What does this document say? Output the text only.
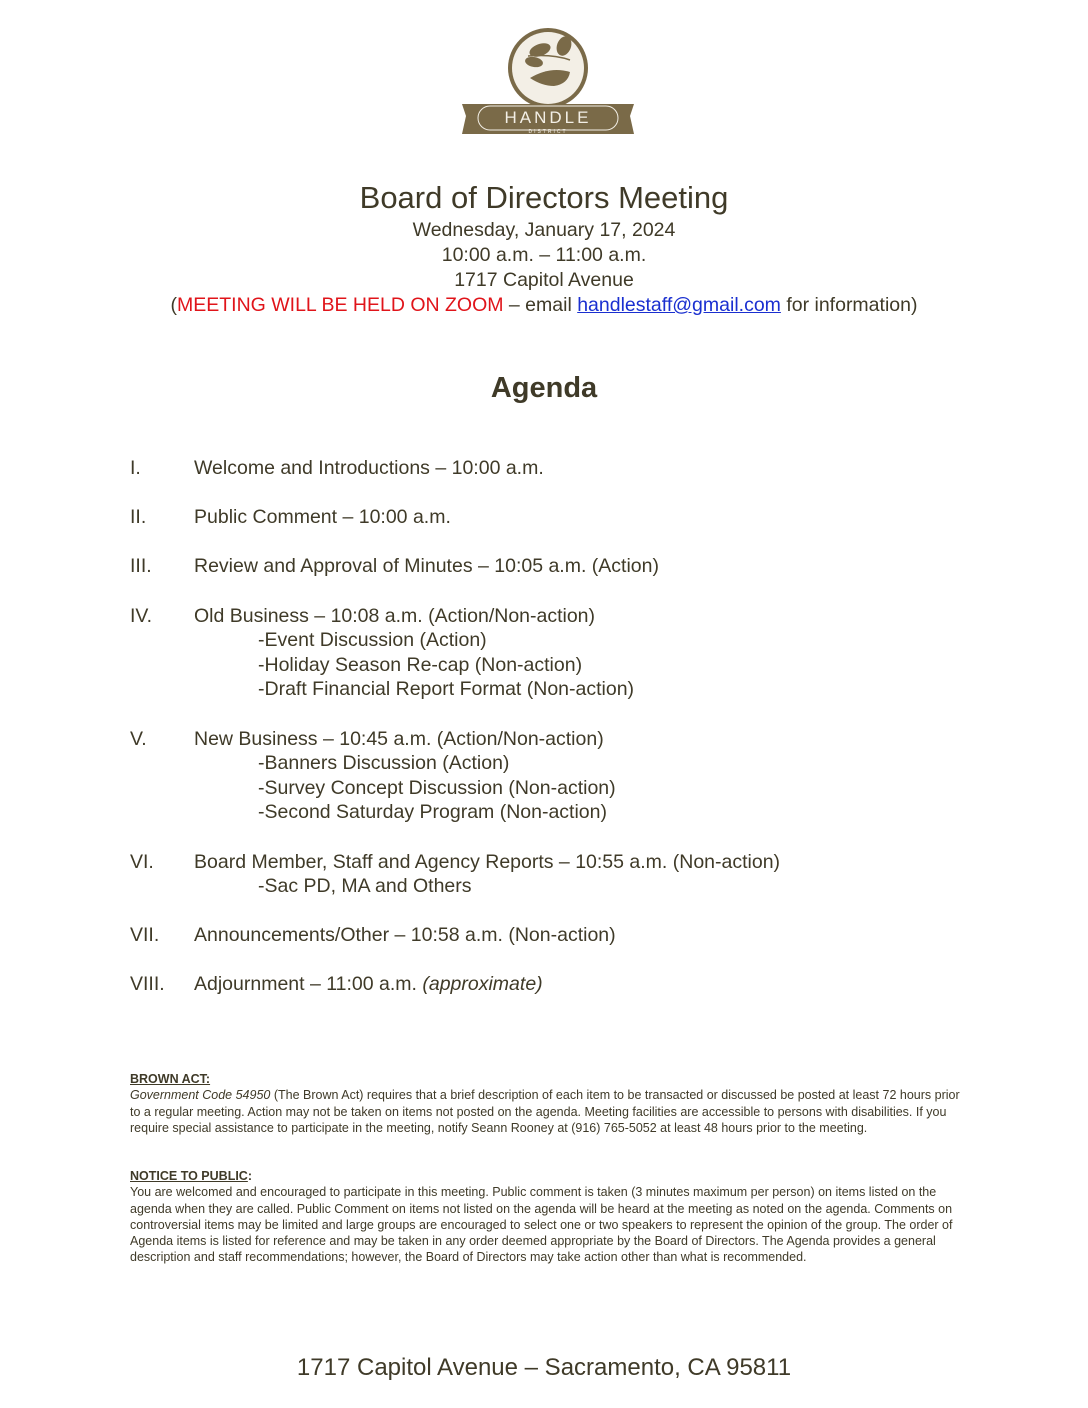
HANDLE
DISTRICT
Board of Directors Meeting
Wednesday, January 17, 2024
10:00 a.m. – 11:00 a.m.
1717 Capitol Avenue
(MEETING WILL BE HELD ON ZOOM – email handlestaff@gmail.com for information)
Agenda
I.	Welcome and Introductions – 10:00 a.m.
II.	Public Comment – 10:00 a.m.
III.	Review and Approval of Minutes – 10:05 a.m. (Action)
IV.	Old Business – 10:08 a.m. (Action/Non-action)
-Event Discussion (Action)
-Holiday Season Re-cap (Non-action)
-Draft Financial Report Format (Non-action)
V.	New Business – 10:45 a.m. (Action/Non-action)
-Banners Discussion (Action)
-Survey Concept Discussion (Non-action)
-Second Saturday Program (Non-action)
VI.	Board Member, Staff and Agency Reports – 10:55 a.m. (Non-action)
-Sac PD, MA and Others
VII.	Announcements/Other – 10:58 a.m. (Non-action)
VIII.	Adjournment – 11:00 a.m. (approximate)
BROWN ACT:
Government Code 54950 (The Brown Act) requires that a brief description of each item to be transacted or discussed be posted at least 72 hours prior to a regular meeting. Action may not be taken on items not posted on the agenda. Meeting facilities are accessible to persons with disabilities. If you require special assistance to participate in the meeting, notify Seann Rooney at (916) 765-5052 at least 48 hours prior to the meeting.
NOTICE TO PUBLIC:
You are welcomed and encouraged to participate in this meeting. Public comment is taken (3 minutes maximum per person) on items listed on the agenda when they are called. Public Comment on items not listed on the agenda will be heard at the meeting as noted on the agenda. Comments on controversial items may be limited and large groups are encouraged to select one or two speakers to represent the opinion of the group. The order of Agenda items is listed for reference and may be taken in any order deemed appropriate by the Board of Directors. The Agenda provides a general description and staff recommendations; however, the Board of Directors may take action other than what is recommended.
1717 Capitol Avenue – Sacramento, CA 95811
